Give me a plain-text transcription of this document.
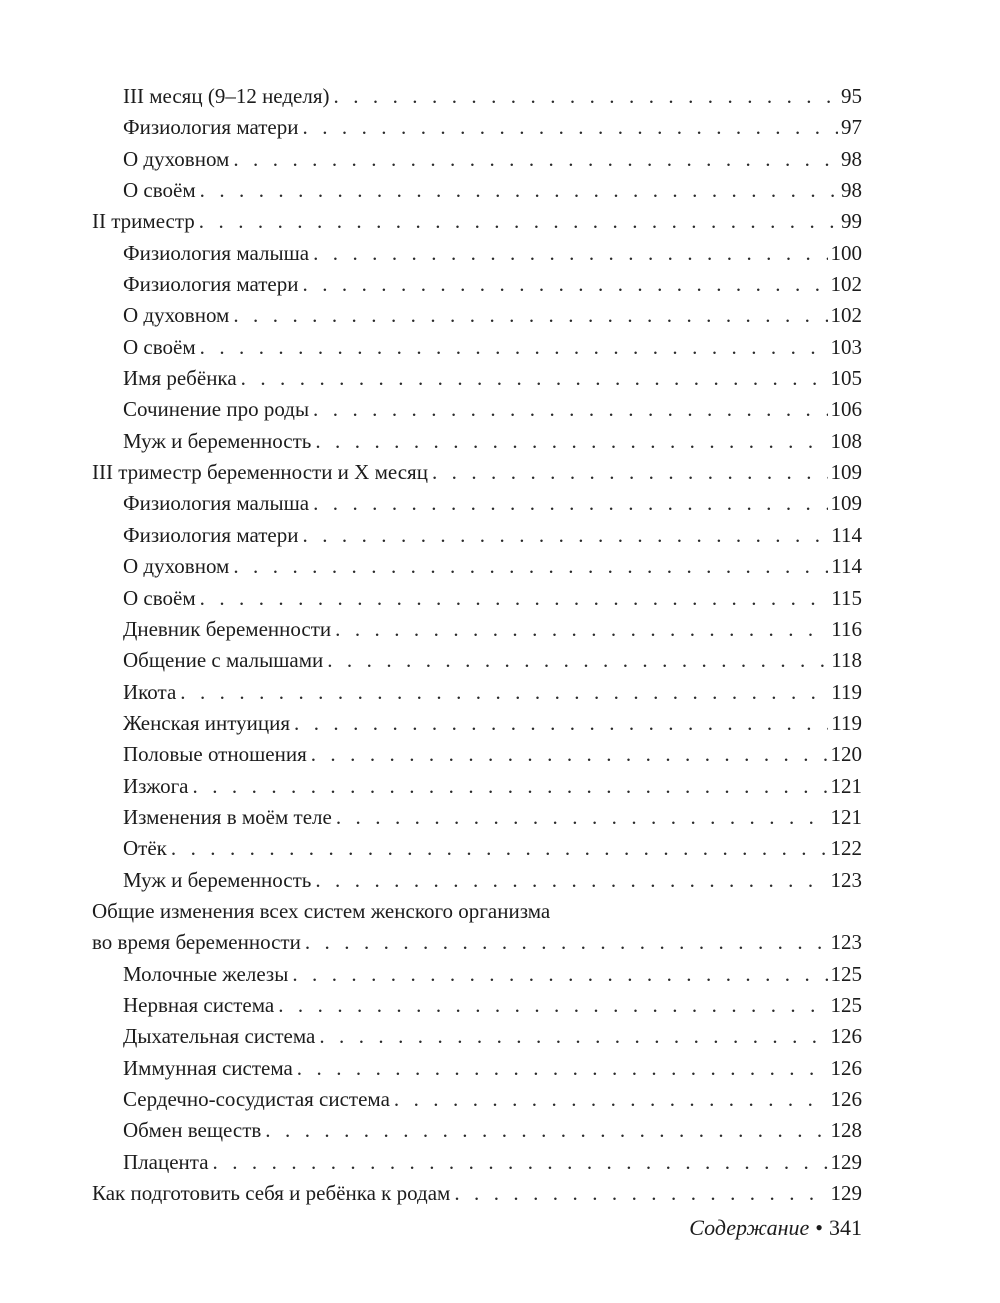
III месяц (9–12 неделя) . . .	95
Физиология матери . . .	97
О духовном . . .	98
О своём . . .	98
II триместр . . .	99
Физиология малыша . . .	100
Физиология матери . . .	102
О духовном . . .	102
О своём . . .	103
Имя ребёнка . . .	105
Сочинение про роды . . .	106
Муж и беременность . . .	108
III триместр беременности и X месяц . . .	109
Физиология малыша . . .	109
Физиология матери . . .	114
О духовном . . .	114
О своём . . .	115
Дневник беременности . . .	116
Общение с малышами . . .	118
Икота . . .	119
Женская интуиция . . .	119
Половые отношения . . .	120
Изжога . . .	121
Изменения в моём теле . . .	121
Отёк . . .	122
Муж и беременность . . .	123
Общие изменения всех систем женского организма
во время беременности . . .	123
Молочные железы . . .	125
Нервная система . . .	125
Дыхательная система . . .	126
Иммунная система . . .	126
Сердечно-сосудистая система . . .	126
Обмен веществ . . .	128
Плацента . . .	129
Как подготовить себя и ребёнка к родам . . .	129
Содержание • 341
